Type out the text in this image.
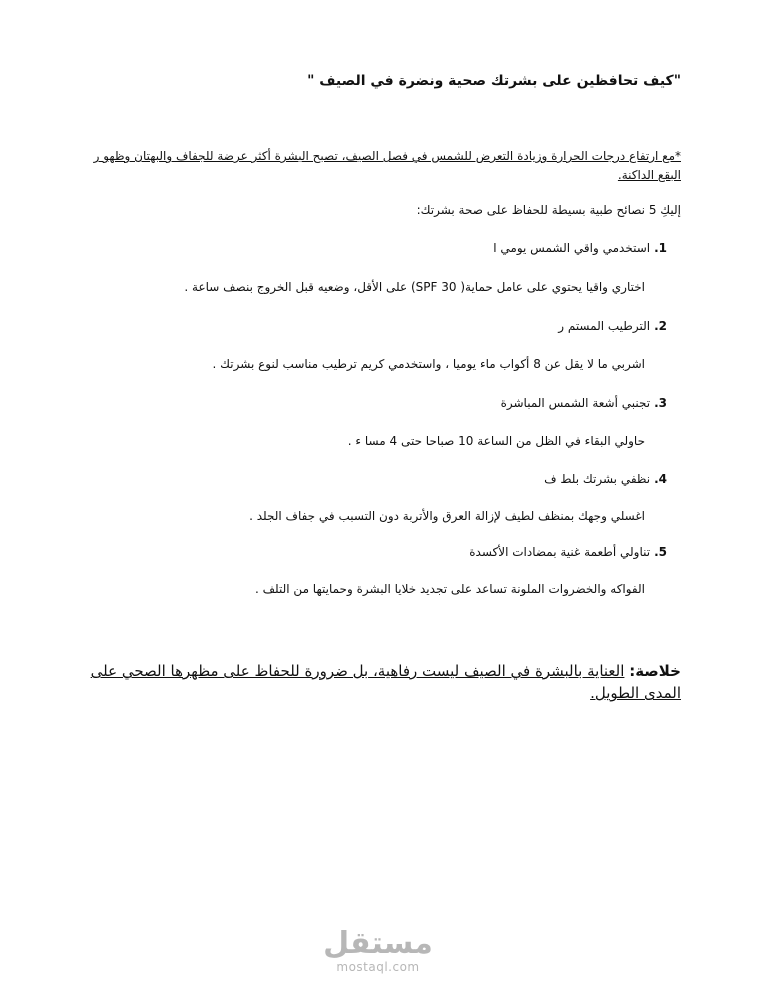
"كيف تحافظين على بشرتك صحية ونضرة في الصيف "
*مع ارتفاع درجات الحرارة وزيادة التعرض للشمس في فصل الصيف، تصبح البشرة أكثر عرضة للجفاف والبهتان وظهو ر البقع الداكنة.
إليكِ 5 نصائح طبية بسيطة للحفاظ على صحة بشرتك:
1.استخدمي واقي الشمس يومي ا
اختاري واقيا يحتوي على عامل حماية( SPF 30) على الأقل، وضعيه قبل الخروج بنصف ساعة .
2.الترطيب المستم ر
اشربي ما لا يقل عن 8 أكواب ماء يوميا ، واستخدمي كريم ترطيب مناسب لنوع بشرتك .
3.تجنبي أشعة الشمس المباشرة
حاولي البقاء في الظل من الساعة 10 صباحا حتى 4 مسا ء .
4.نظفي بشرتك بلط ف
اغسلي وجهك بمنظف لطيف لإزالة العرق والأتربة دون التسبب في جفاف الجلد .
5.تناولي أطعمة غنية بمضادات الأكسدة
الفواكه والخضروات الملونة تساعد على تجديد خلايا البشرة وحمايتها من التلف .
خلاصة: العناية بالبشرة في الصيف ليست رفاهية، بل ضرورة للحفاظ على مظهرها الصحي على المدى الطويل.
مستقل
mostaql.com
